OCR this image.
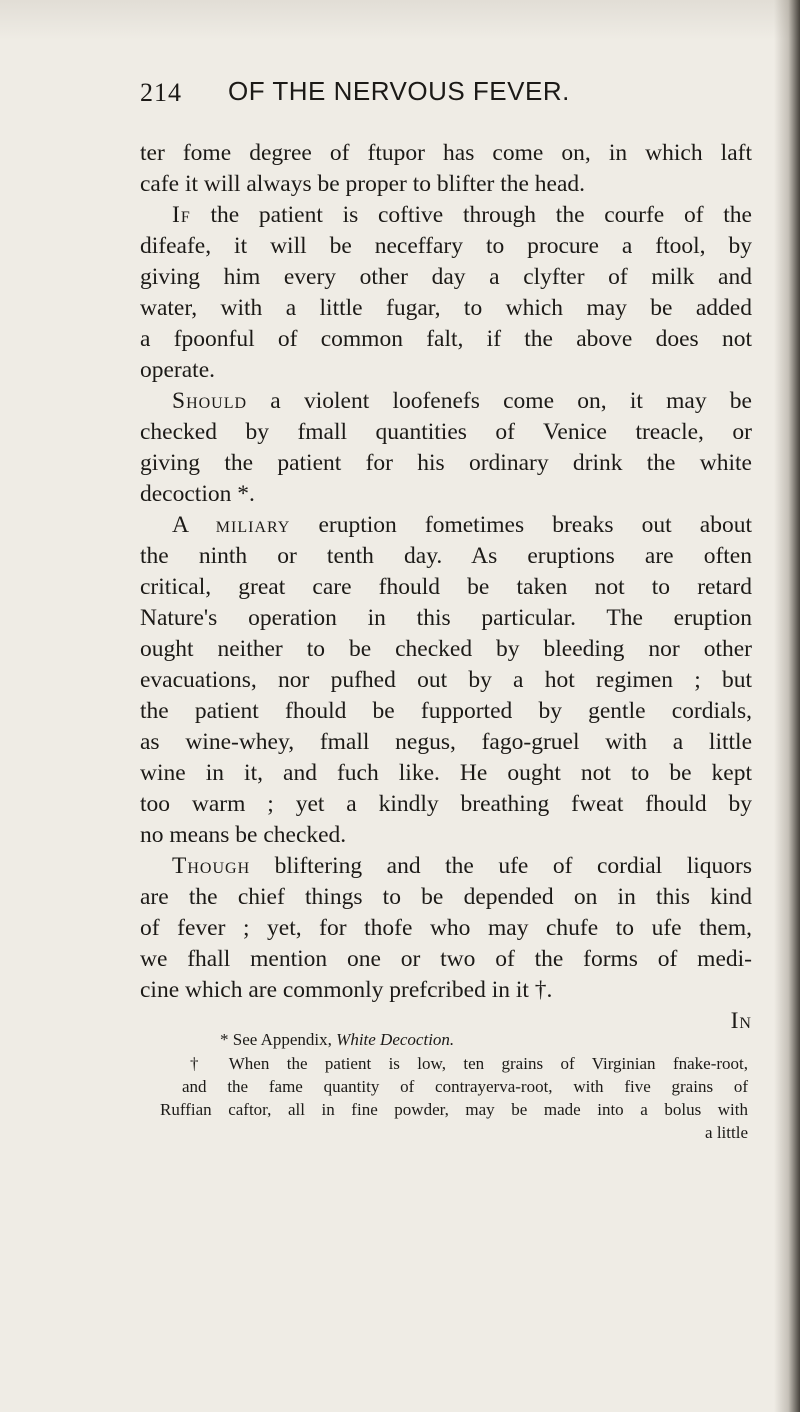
214 OF THE NERVOUS FEVER.
ter fome degree of ftupor has come on, in which laft
cafe it will always be proper to blifter the head.
If the patient is coftive through the courfe of the
difeafe, it will be neceffary to procure a ftool, by
giving him every other day a clyfter of milk and
water, with a little fugar, to which may be added
a fpoonful of common falt, if the above does not
operate.
Should a violent loofenefs come on, it may be
checked by fmall quantities of Venice treacle, or
giving the patient for his ordinary drink the white
decoction *.
A miliary eruption fometimes breaks out about
the ninth or tenth day. As eruptions are often
critical, great care fhould be taken not to retard
Nature's operation in this particular. The eruption
ought neither to be checked by bleeding nor other
evacuations, nor pufhed out by a hot regimen ; but
the patient fhould be fupported by gentle cordials,
as wine-whey, fmall negus, fago-gruel with a little
wine in it, and fuch like. He ought not to be kept
too warm ; yet a kindly breathing fweat fhould by
no means be checked.
Though bliftering and the ufe of cordial liquors
are the chief things to be depended on in this kind
of fever ; yet, for thofe who may chufe to ufe them,
we fhall mention one or two of the forms of medi-
cine which are commonly prefcribed in it †.
In
* See Appendix, White Decoction.
† When the patient is low, ten grains of Virginian fnake-root,
and the fame quantity of contrayerva-root, with five grains of
Ruffian caftor, all in fine powder, may be made into a bolus with
a little
